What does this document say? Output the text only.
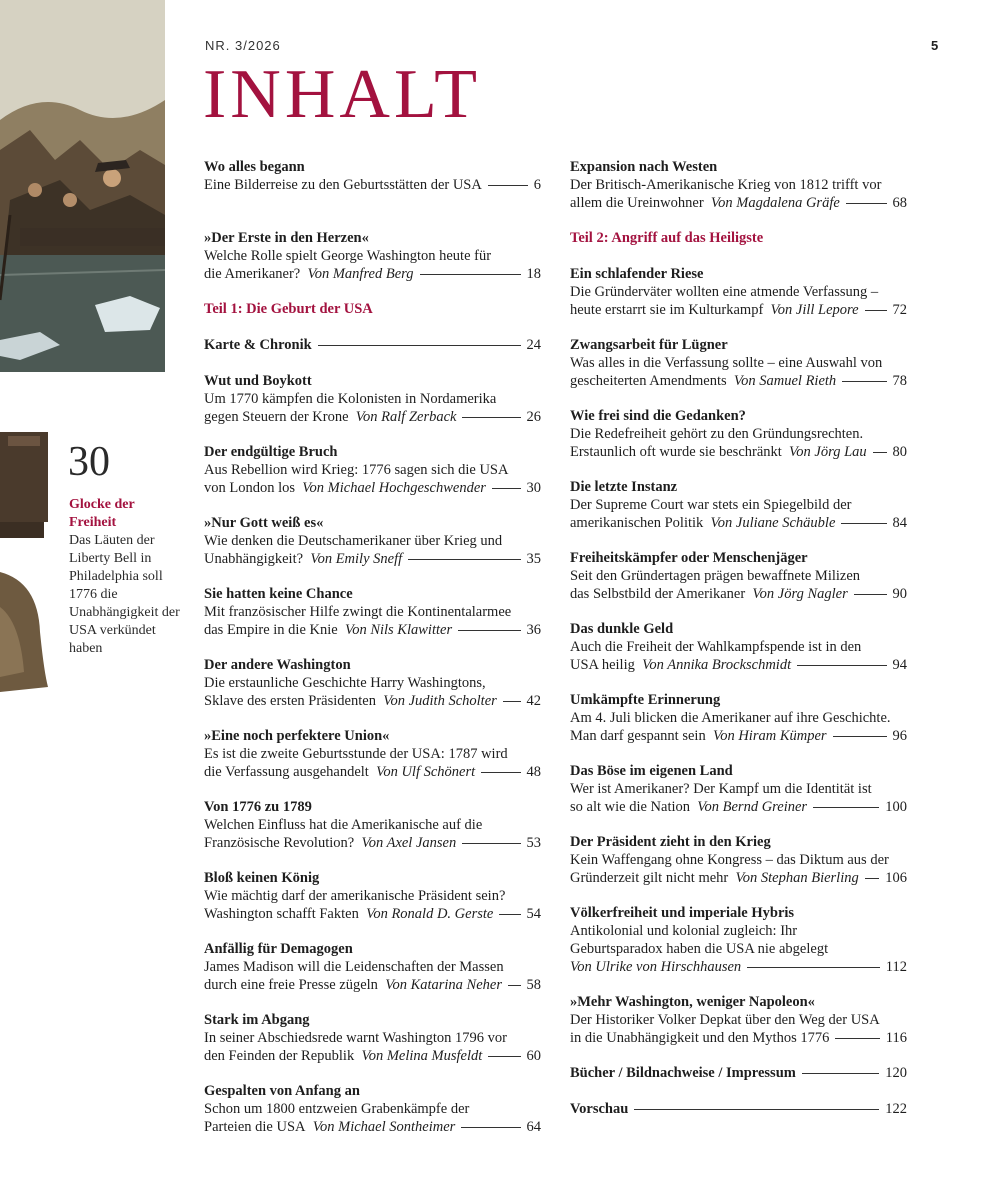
30
Glocke der Freiheit
Das Läuten der Liberty Bell in Philadelphia soll 1776 die Unabhängigkeit der USA verkündet haben
NR. 3/2026	5
INHALT
Wo alles begann
Eine Bilderreise zu den Geburtsstätten der USA	6
»Der Erste in den Herzen«
Welche Rolle spielt George Washington heute für
die Amerikaner?
Von Manfred Berg	18
Teil 1: Die Geburt der USA
Karte & Chronik	24
Wut und Boykott
Um 1770 kämpfen die Kolonisten in Nordamerika
gegen Steuern der Krone
Von Ralf Zerback	26
Der endgültige Bruch
Aus Rebellion wird Krieg: 1776 sagen sich die USA
von London los
Von Michael Hochgeschwender	30
»Nur Gott weiß es«
Wie denken die Deutschamerikaner über Krieg und
Unabhängigkeit?
Von Emily Sneff	35
Sie hatten keine Chance
Mit französischer Hilfe zwingt die Kontinentalarmee
das Empire in die Knie
Von Nils Klawitter	36
Der andere Washington
Die erstaunliche Geschichte Harry Washingtons,
Sklave des ersten Präsidenten
Von Judith Scholter 42
»Eine noch perfektere Union«
Es ist die zweite Geburtsstunde der USA: 1787 wird
die Verfassung ausgehandelt
Von Ulf Schönert	48
Von 1776 zu 1789
Welchen Einfluss hat die Amerikanische auf die
Französische Revolution?
Von Axel Jansen	53
Bloß keinen König
Wie mächtig darf der amerikanische Präsident sein?
Washington schafft Fakten
Von Ronald D. Gerste 54
Anfällig für Demagogen
James Madison will die Leidenschaften der Massen
durch eine freie Presse zügeln
Von Katarina Neher 58
Stark im Abgang
In seiner Abschiedsrede warnt Washington 1796 vor
den Feinden der Republik
Von Melina Musfeldt	60
Gespalten von Anfang an
Schon um 1800 entzweien Grabenkämpfe der
Parteien die USA
Von Michael Sontheimer	64
Expansion nach Westen
Der Britisch-Amerikanische Krieg von 1812 trifft vor
allem die Ureinwohner
Von Magdalena Gräfe	68
Teil 2: Angriff auf das Heiligste
Ein schlafender Riese
Die Gründerväter wollten eine atmende Verfassung –
heute erstarrt sie im Kulturkampf
Von Jill Lepore 72
Zwangsarbeit für Lügner
Was alles in die Verfassung sollte – eine Auswahl von
gescheiterten Amendments
Von Samuel Rieth	78
Wie frei sind die Gedanken?
Die Redefreiheit gehört zu den Gründungsrechten.
Erstaunlich oft wurde sie beschränkt
Von Jörg Lau 80
Die letzte Instanz
Der Supreme Court war stets ein Spiegelbild der
amerikanischen Politik
Von Juliane Schäuble	84
Freiheitskämpfer oder Menschenjäger
Seit den Gründertagen prägen bewaffnete Milizen
das Selbstbild der Amerikaner
Von Jörg Nagler	90
Das dunkle Geld
Auch die Freiheit der Wahlkampfspende ist in den
USA heilig
Von Annika Brockschmidt	94
Umkämpfte Erinnerung
Am 4. Juli blicken die Amerikaner auf ihre Geschichte.
Man darf gespannt sein
Von Hiram Kümper	96
Das Böse im eigenen Land
Wer ist Amerikaner? Der Kampf um die Identität ist
so alt wie die Nation
Von Bernd Greiner	100
Der Präsident zieht in den Krieg
Kein Waffengang ohne Kongress – das Diktum aus der
Gründerzeit gilt nicht mehr
Von Stephan Bierling 106
Völkerfreiheit und imperiale Hybris
Antikolonial und kolonial zugleich: Ihr
Geburtsparadox haben die USA nie abgelegt
Von Ulrike von Hirschhausen	112
»Mehr Washington, weniger Napoleon«
Der Historiker Volker Depkat über den Weg der USA
in die Unabhängigkeit und den Mythos 1776	116
Bücher / Bildnachweise / Impressum	120
Vorschau	122
